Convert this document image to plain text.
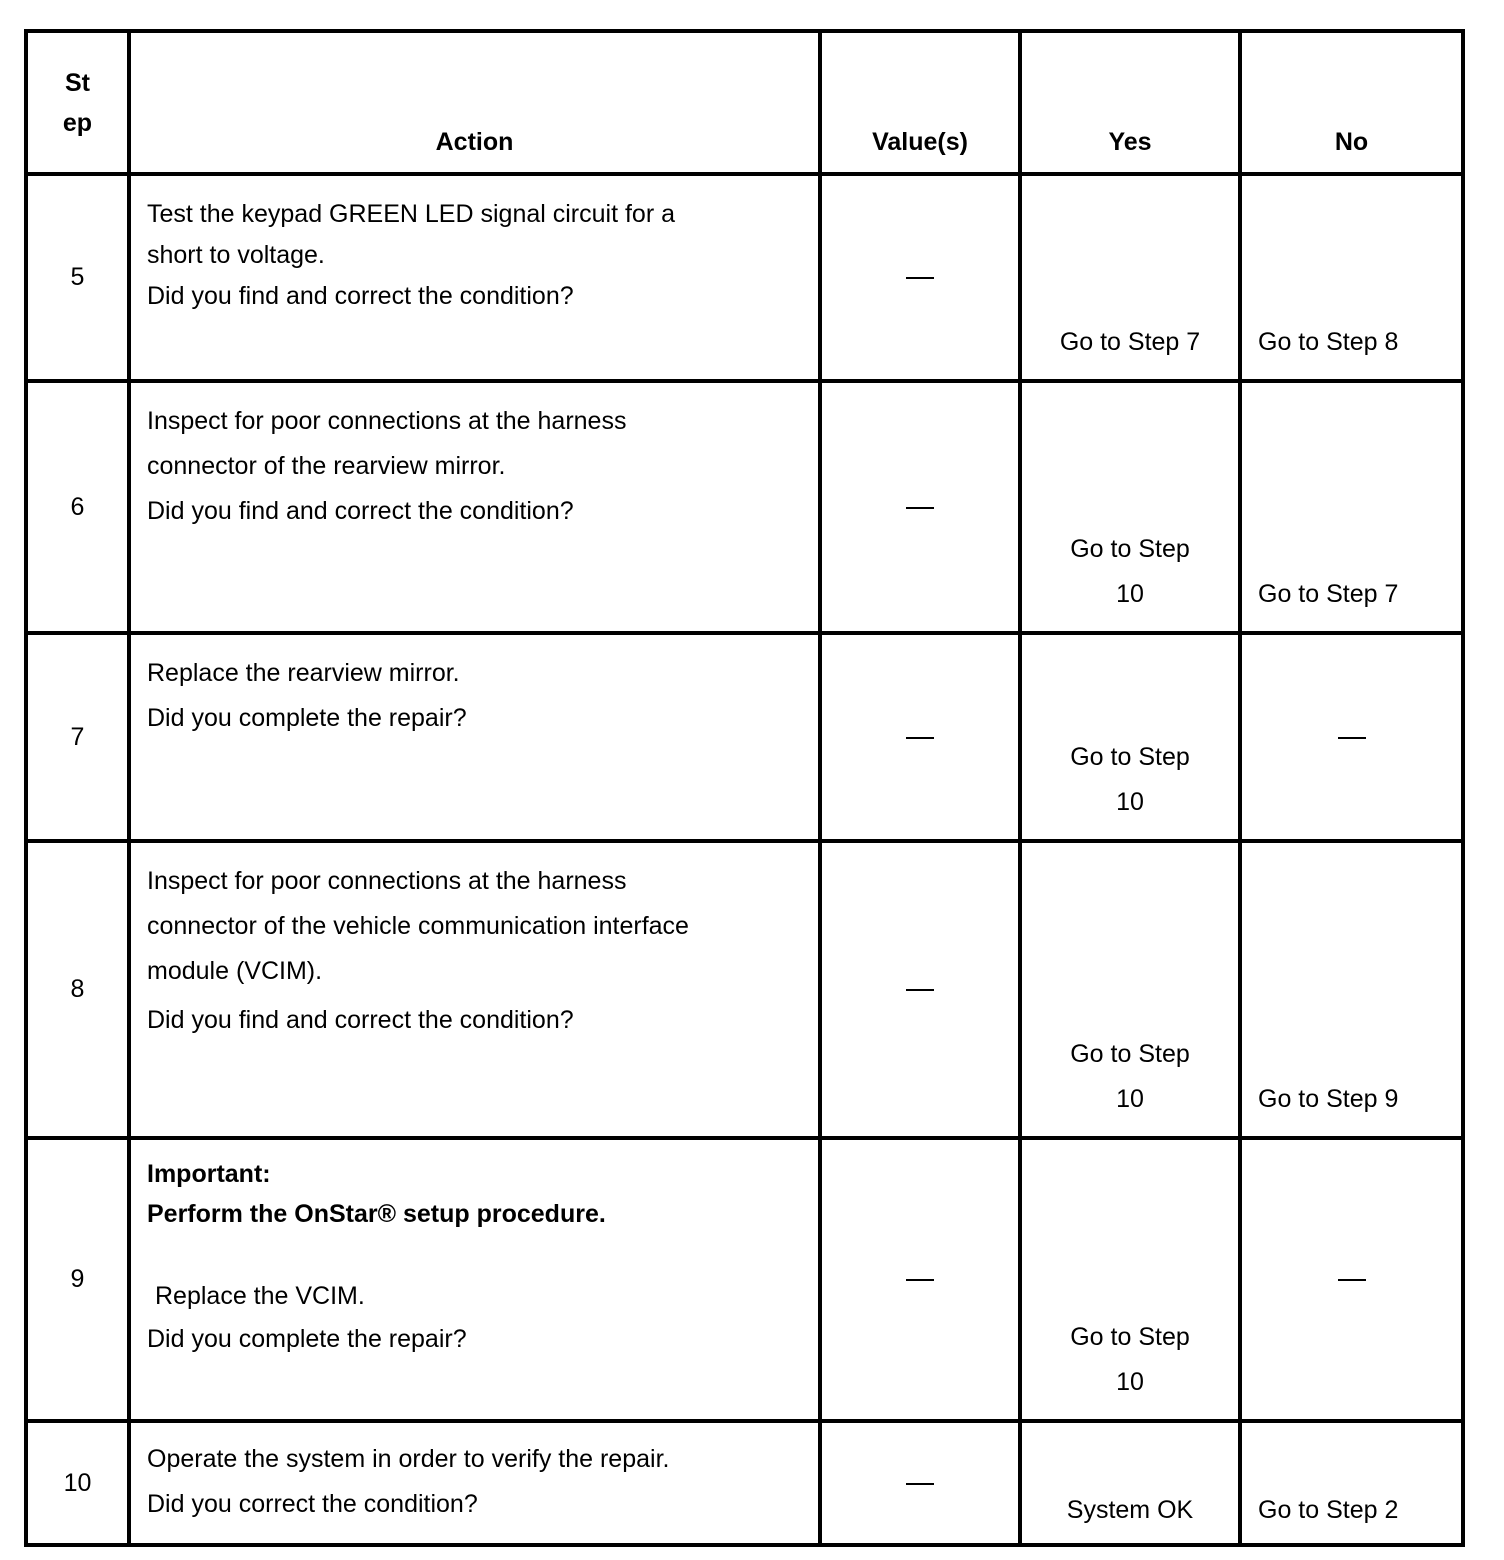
St
ep	Action	Value(s)	Yes	No
5	Test the keypad GREEN LED signal circuit for a
short to voltage.
Did you find and correct the condition?		Go to Step 7	Go to Step 8

6	Inspect for poor connections at the harness
connector of the rearview mirror.
Did you find and correct the condition?		Go to Step
10	Go to Step 7

7	Replace the rearview mirror.
Did you complete the repair?		Go to Step
10	

8	Inspect for poor connections at the harness
connector of the vehicle communication interface
module (VCIM).
Did you find and correct the condition?		Go to Step
10	Go to Step 9

9	Important:
Perform the OnStar® setup procedure.
Replace the VCIM.
Did you complete the repair?		Go to Step
10	

10	Operate the system in order to verify the repair.
Did you correct the condition?		System OK	Go to Step 2
